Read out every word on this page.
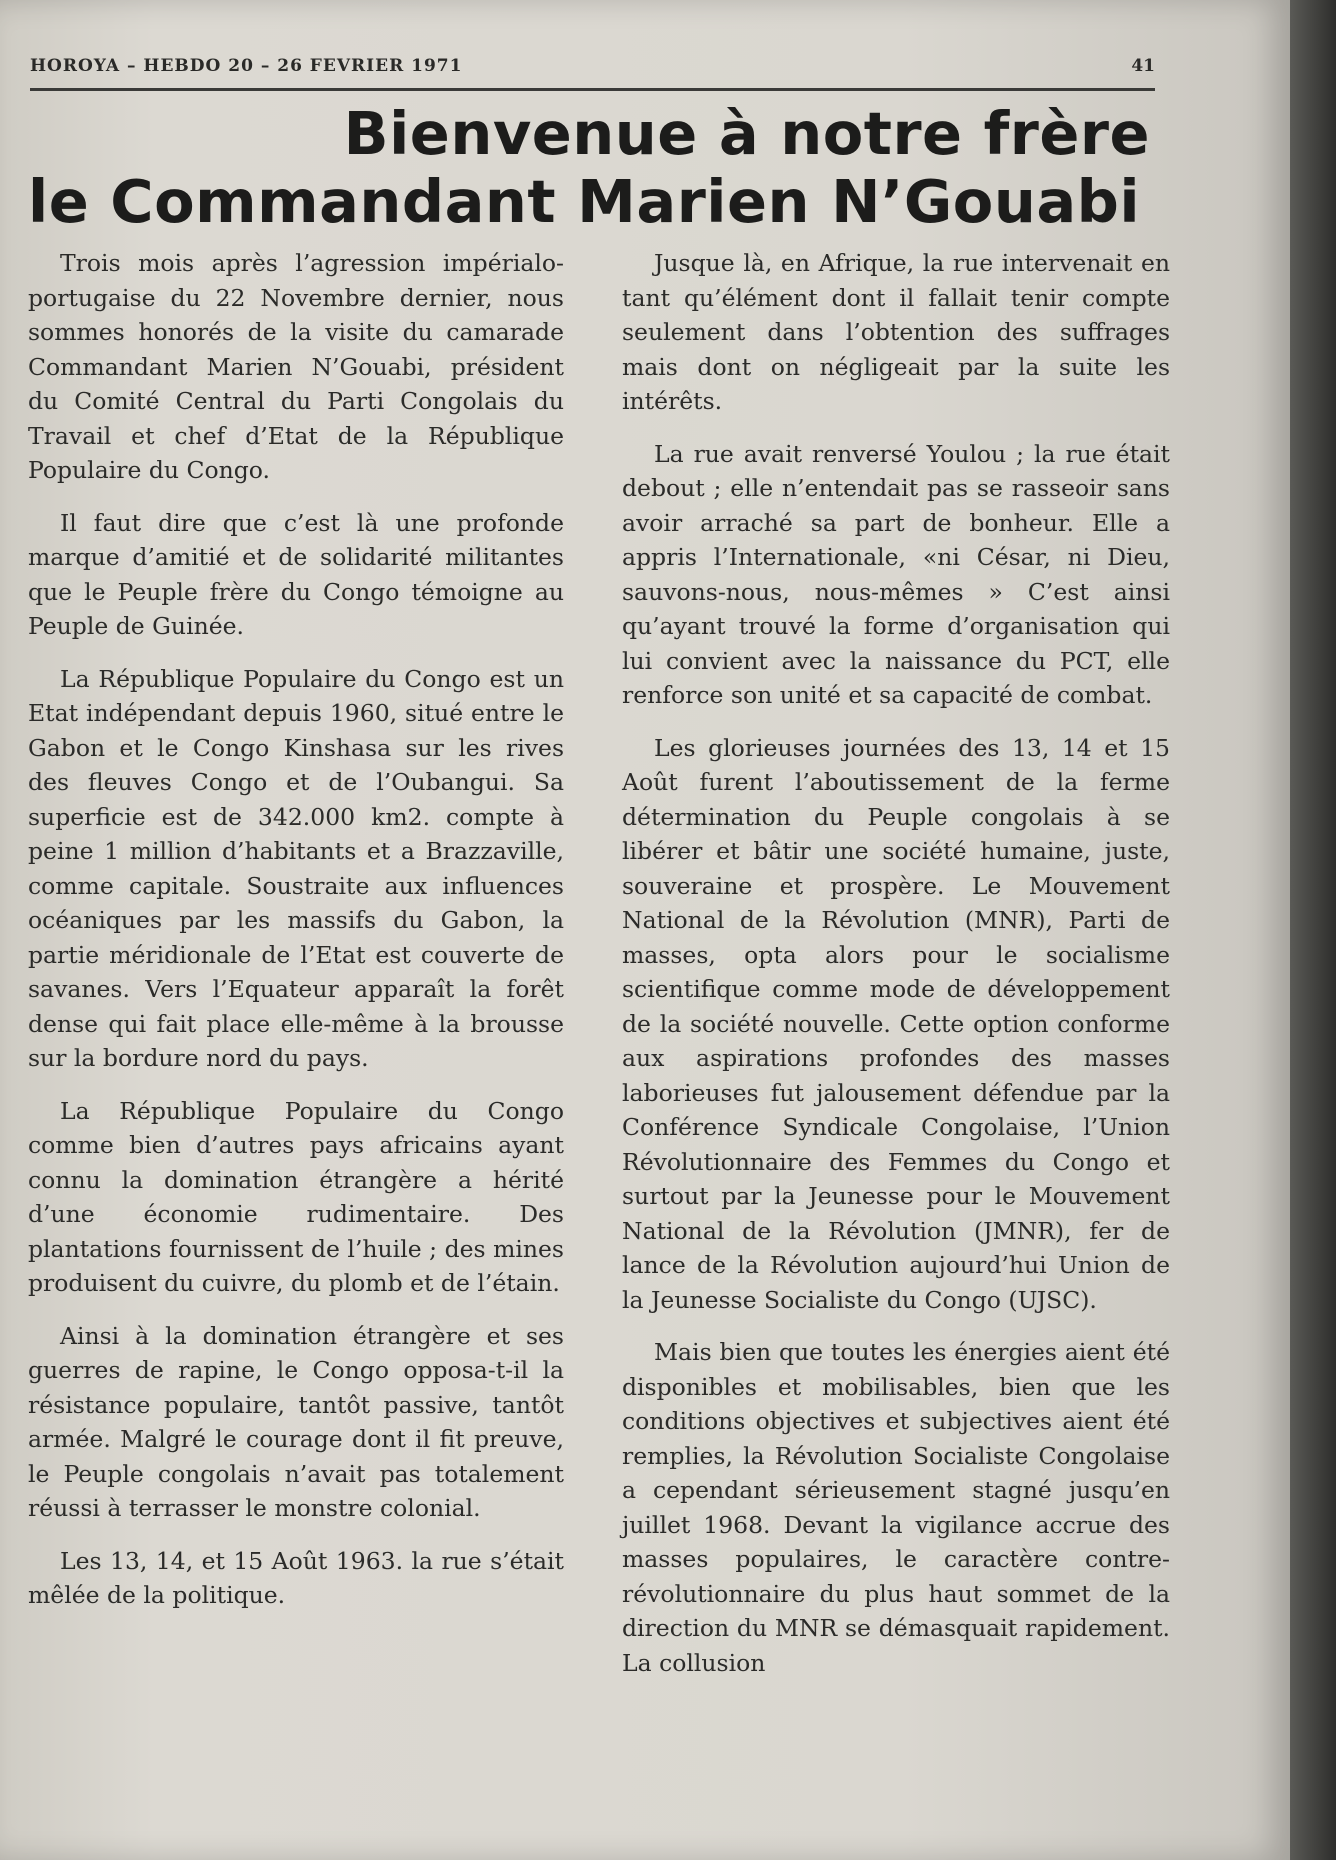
HOROYA – HEBDO 20 – 26 FEVRIER 1971	41
Bienvenue à notre frère
le Commandant Marien N’Gouabi

Trois mois après l’agression impérialo-portugaise du 22 Novembre dernier, nous sommes honorés de la visite du camarade Commandant Marien N’Gouabi, président du Comité Central du Parti Congolais du Travail et chef d’Etat de la République Populaire du Congo.

Il faut dire que c’est là une profonde marque d’amitié et de solidarité militantes que le Peuple frère du Congo témoigne au Peuple de Guinée.

La République Populaire du Congo est un Etat indépendant depuis 1960, situé entre le Gabon et le Congo Kinshasa sur les rives des fleuves Congo et de l’Oubangui. Sa superficie est de 342.000 km2. compte à peine 1 million d’habitants et a Brazzaville, comme capitale. Soustraite aux influences océaniques par les massifs du Gabon, la partie méridionale de l’Etat est couverte de savanes. Vers l’Equateur apparaît la forêt dense qui fait place elle-même à la brousse sur la bordure nord du pays.

La République Populaire du Congo comme bien d’autres pays africains ayant connu la domination étrangère a hérité d’une économie rudimentaire. Des plantations fournissent de l’huile ; des mines produisent du cuivre, du plomb et de l’étain.

Ainsi à la domination étrangère et ses guerres de rapine, le Congo opposa-t-il la résistance populaire, tantôt passive, tantôt armée. Malgré le courage dont il fit preuve, le Peuple congolais n’avait pas totalement réussi à terrasser le monstre colonial.

Les 13, 14, et 15 Août 1963. la rue s’était mêlée de la politique.

Jusque là, en Afrique, la rue intervenait en tant qu’élément dont il fallait tenir compte seulement dans l’obtention des suffrages mais dont on négligeait par la suite les intérêts.

La rue avait renversé Youlou ; la rue était debout ; elle n’entendait pas se rasseoir sans avoir arraché sa part de bonheur. Elle a appris l’Internationale, «ni César, ni Dieu, sauvons-nous, nous-mêmes » C’est ainsi qu’ayant trouvé la forme d’organisation qui lui convient avec la naissance du PCT, elle renforce son unité et sa capacité de combat.

Les glorieuses journées des 13, 14 et 15 Août furent l’aboutissement de la ferme détermination du Peuple congolais à se libérer et bâtir une société humaine, juste, souveraine et prospère. Le Mouvement National de la Révolution (MNR), Parti de masses, opta alors pour le socialisme scientifique comme mode de développement de la société nouvelle. Cette option conforme aux aspirations profondes des masses laborieuses fut jalousement défendue par la Conférence Syndicale Congolaise, l’Union Révolutionnaire des Femmes du Congo et surtout par la Jeunesse pour le Mouvement National de la Révolution (JMNR), fer de lance de la Révolution aujourd’hui Union de la Jeunesse Socialiste du Congo (UJSC).

Mais bien que toutes les énergies aient été disponibles et mobilisables, bien que les conditions objectives et subjectives aient été remplies, la Révolution Socialiste Congolaise a cependant sérieusement stagné jusqu’en juillet 1968. Devant la vigilance accrue des masses populaires, le caractère contre-révolutionnaire du plus haut sommet de la direction du MNR se démasquait rapidement. La collusion
